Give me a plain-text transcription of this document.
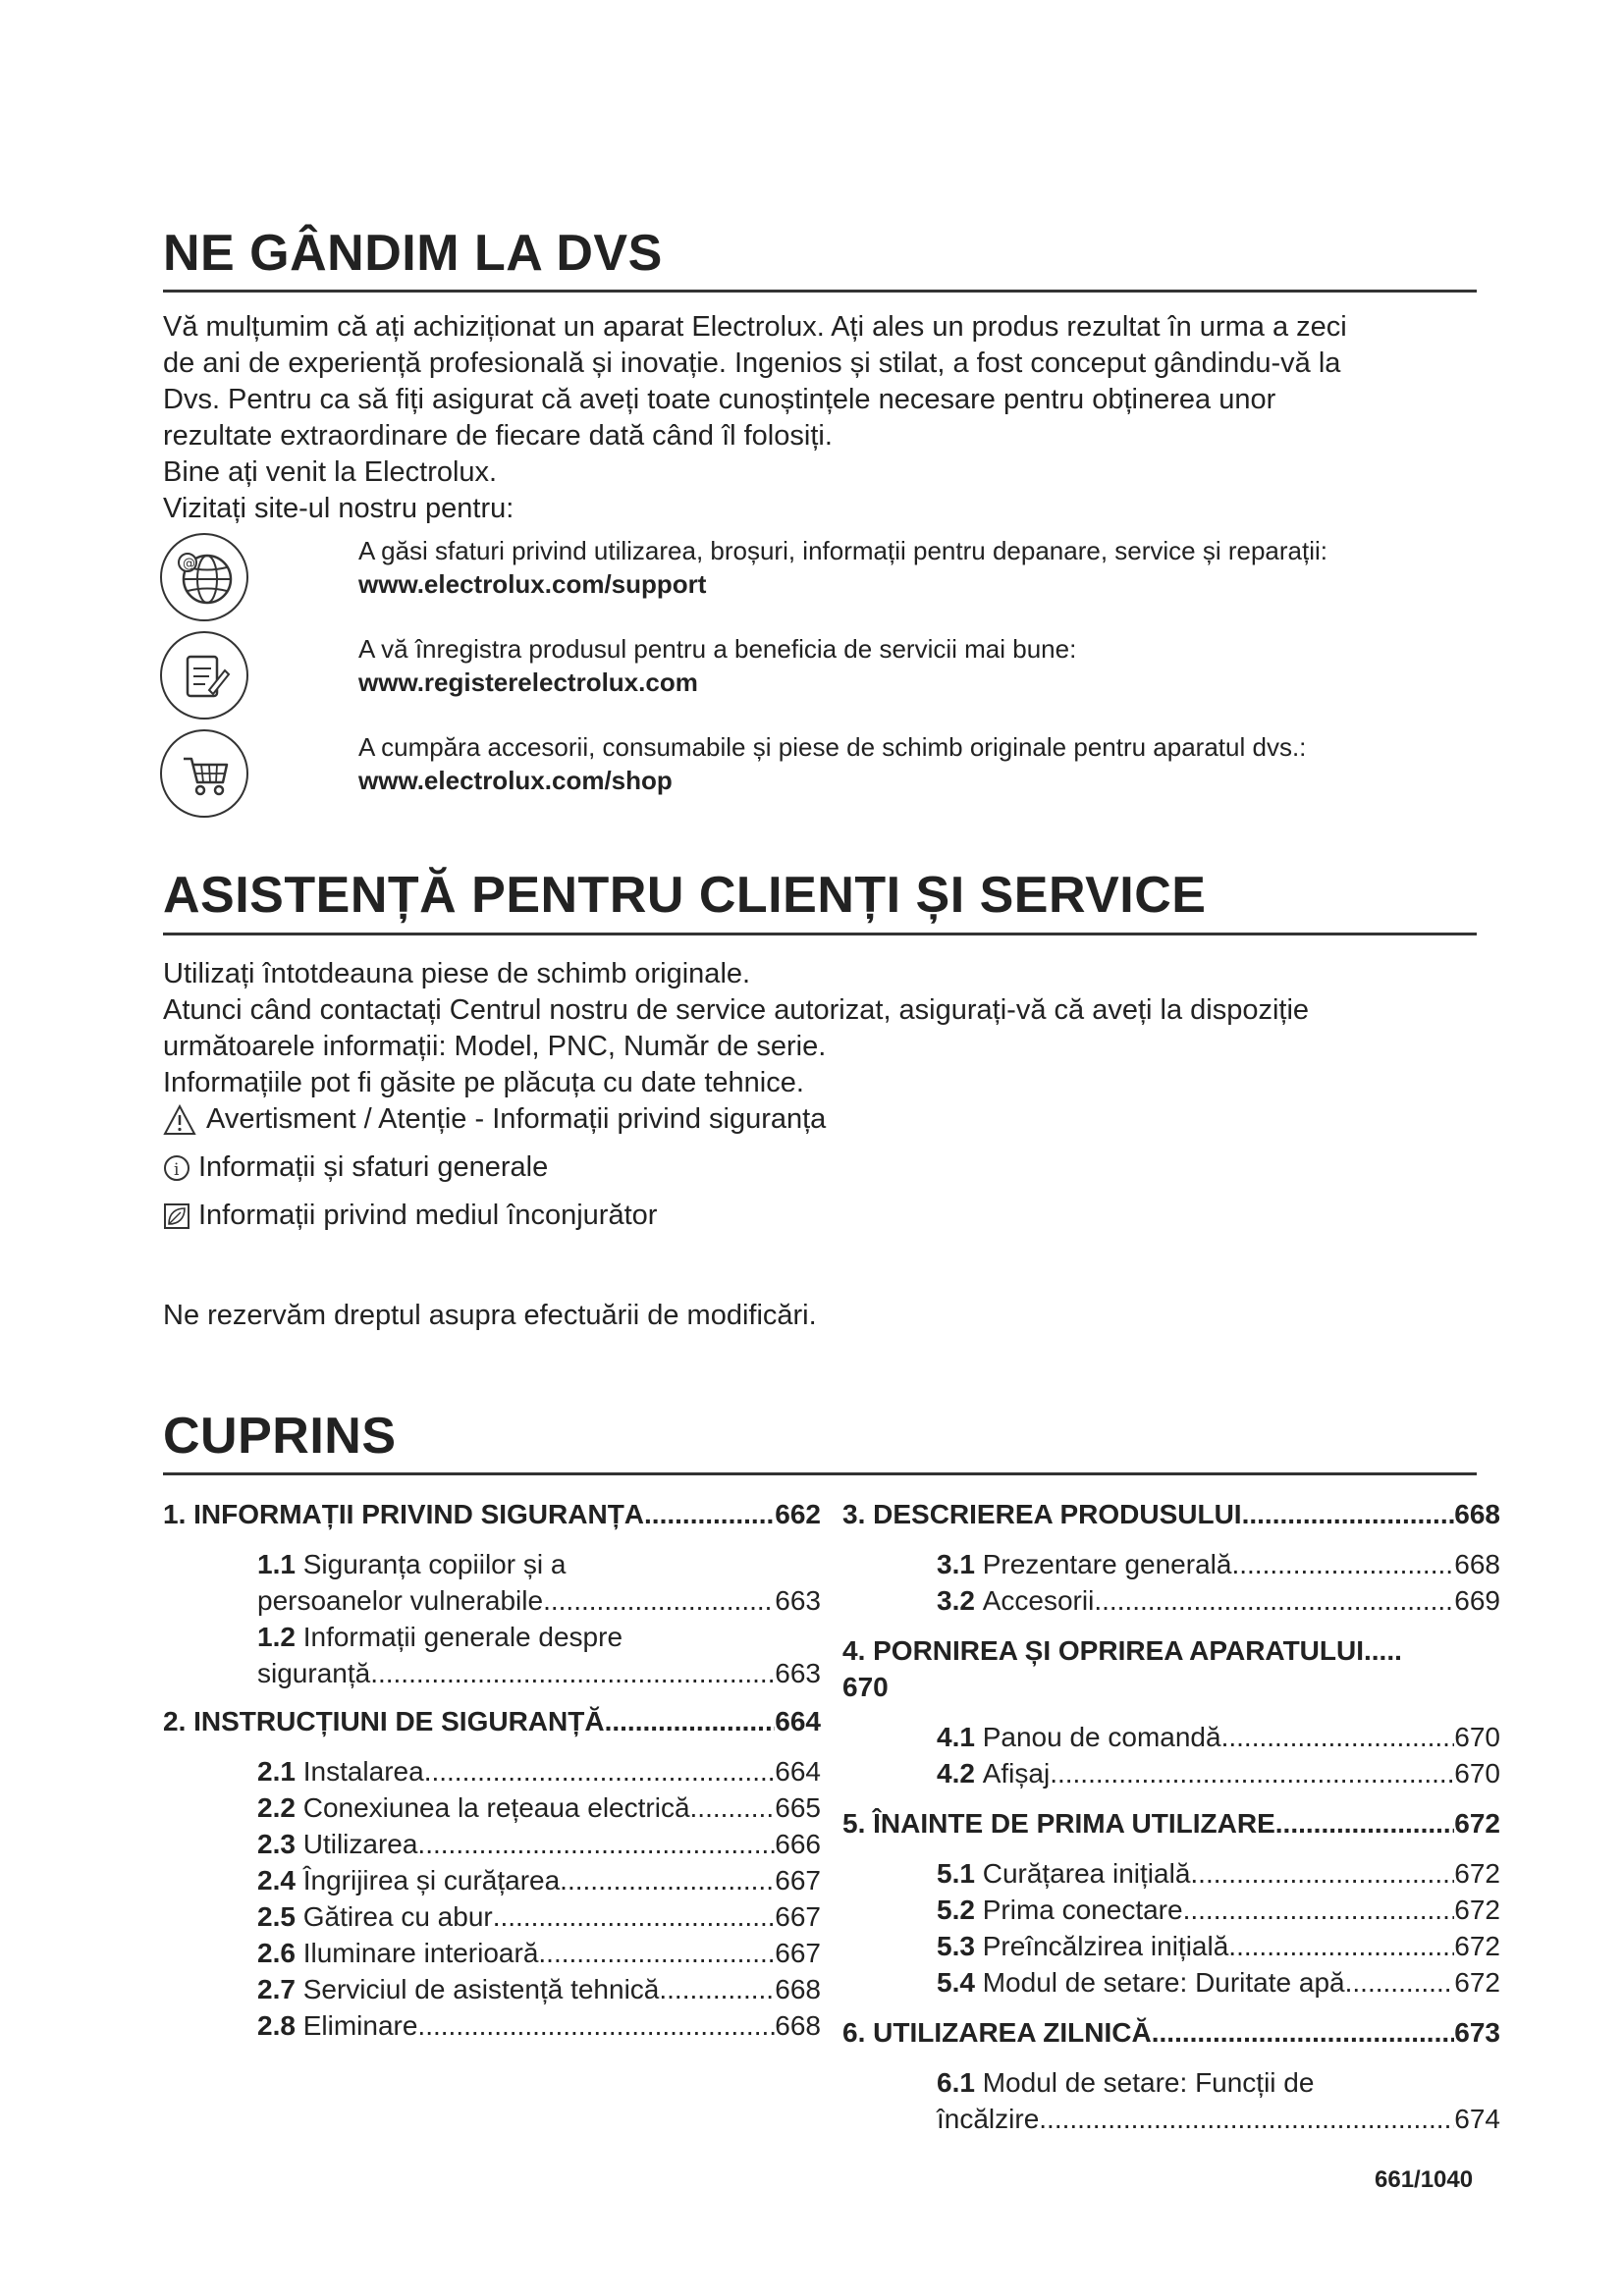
NE GÂNDIM LA DVS
Vă mulțumim că ați achiziționat un aparat Electrolux. Ați ales un produs rezultat în urma a zeci
de ani de experiență profesională și inovație. Ingenios și stilat, a fost conceput gândindu-vă la
Dvs. Pentru ca să fiți asigurat că aveți toate cunoștințele necesare pentru obținerea unor
rezultate extraordinare de fiecare dată când îl folosiți.
Bine ați venit la Electrolux.
Vizitați site-ul nostru pentru:
@	A găsi sfaturi privind utilizarea, broșuri, informații pentru depanare, service și reparații:
www.electrolux.com/support
A vă înregistra produsul pentru a beneficia de servicii mai bune:
www.registerelectrolux.com
A cumpăra accesorii, consumabile și piese de schimb originale pentru aparatul dvs.:
www.electrolux.com/shop
ASISTENȚĂ PENTRU CLIENȚI ȘI SERVICE
Utilizați întotdeauna piese de schimb originale.
Atunci când contactați Centrul nostru de service autorizat, asigurați-vă că aveți la dispoziție
următoarele informații: Model, PNC, Număr de serie.
Informațiile pot fi găsite pe plăcuța cu date tehnice.
Avertisment / Atenție - Informații privind siguranța
i Informații și sfaturi generale
Informații privind mediul înconjurător
Ne rezervăm dreptul asupra efectuării de modificări.
CUPRINS
1. INFORMAȚII PRIVIND SIGURANȚA .....	662
1.1
Siguranța copiilor și a
persoanelor vulnerabile .....	663
1.2
Informații generale despre
siguranță .....	663
2. INSTRUCȚIUNI DE SIGURANȚĂ .....	664
2.1
Instalarea .....	664
2.2
Conexiunea la rețeaua electrică .....	665
2.3
Utilizarea .....	666
2.4
Îngrijirea și curățarea .....	667
2.5
Gătirea cu abur .....	667
2.6
Iluminare interioară .....	667
2.7
Serviciul de asistență tehnică .....	668
2.8
Eliminare .....	668
3. DESCRIEREA PRODUSULUI .....	668
3.1
Prezentare generală .....	668
3.2
Accesorii .....	669
4. PORNIREA ȘI OPRIREA APARATULUI.....
670
4.1
Panou de comandă .....	670
4.2
Afișaj .....	670
5. ÎNAINTE DE PRIMA UTILIZARE .....	672
5.1
Curățarea inițială .....	672
5.2
Prima conectare .....	672
5.3
Preîncălzirea inițială .....	672
5.4
Modul de setare: Duritate apă .....	672
6. UTILIZAREA ZILNICĂ .....	673
6.1
Modul de setare: Funcții de
încălzire .....	674
661/1040
